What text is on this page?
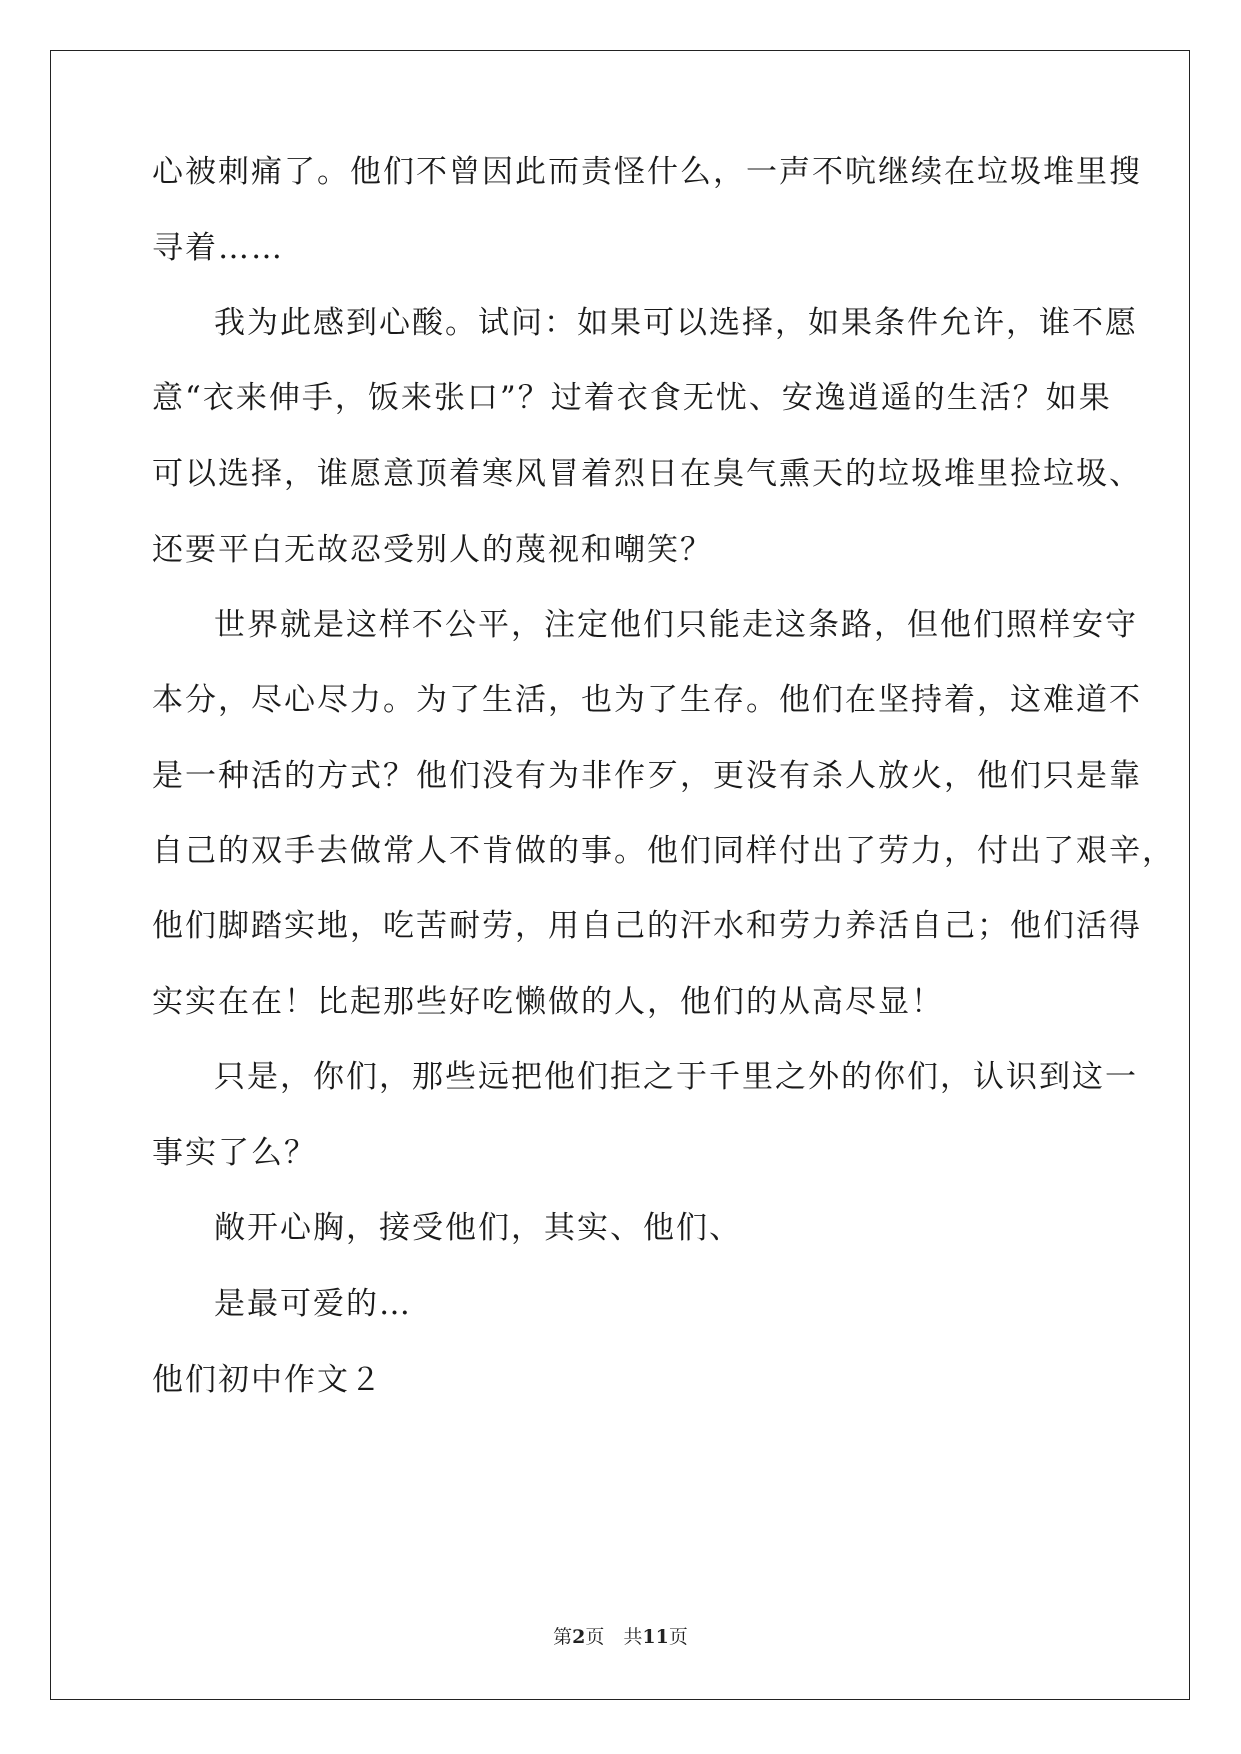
心被刺痛了。他们不曾因此而责怪什么，一声不吭继续在垃圾堆里搜
寻着……
我为此感到心酸。试问：如果可以选择，如果条件允许，谁不愿
意“衣来伸手，饭来张口”？过着衣食无忧、安逸逍遥的生活？如果
可以选择，谁愿意顶着寒风冒着烈日在臭气熏天的垃圾堆里捡垃圾、
还要平白无故忍受别人的蔑视和嘲笑？
世界就是这样不公平，注定他们只能走这条路，但他们照样安守
本分，尽心尽力。为了生活，也为了生存。他们在坚持着，这难道不
是一种活的方式？他们没有为非作歹，更没有杀人放火，他们只是靠
自己的双手去做常人不肯做的事。他们同样付出了劳力，付出了艰辛，
他们脚踏实地，吃苦耐劳，用自己的汗水和劳力养活自己；他们活得
实实在在！比起那些好吃懒做的人，他们的从高尽显！
只是，你们，那些远把他们拒之于千里之外的你们，认识到这一
事实了么？
敞开心胸，接受他们，其实、他们、
是最可爱的…
他们初中作文２
第2页　共11页
